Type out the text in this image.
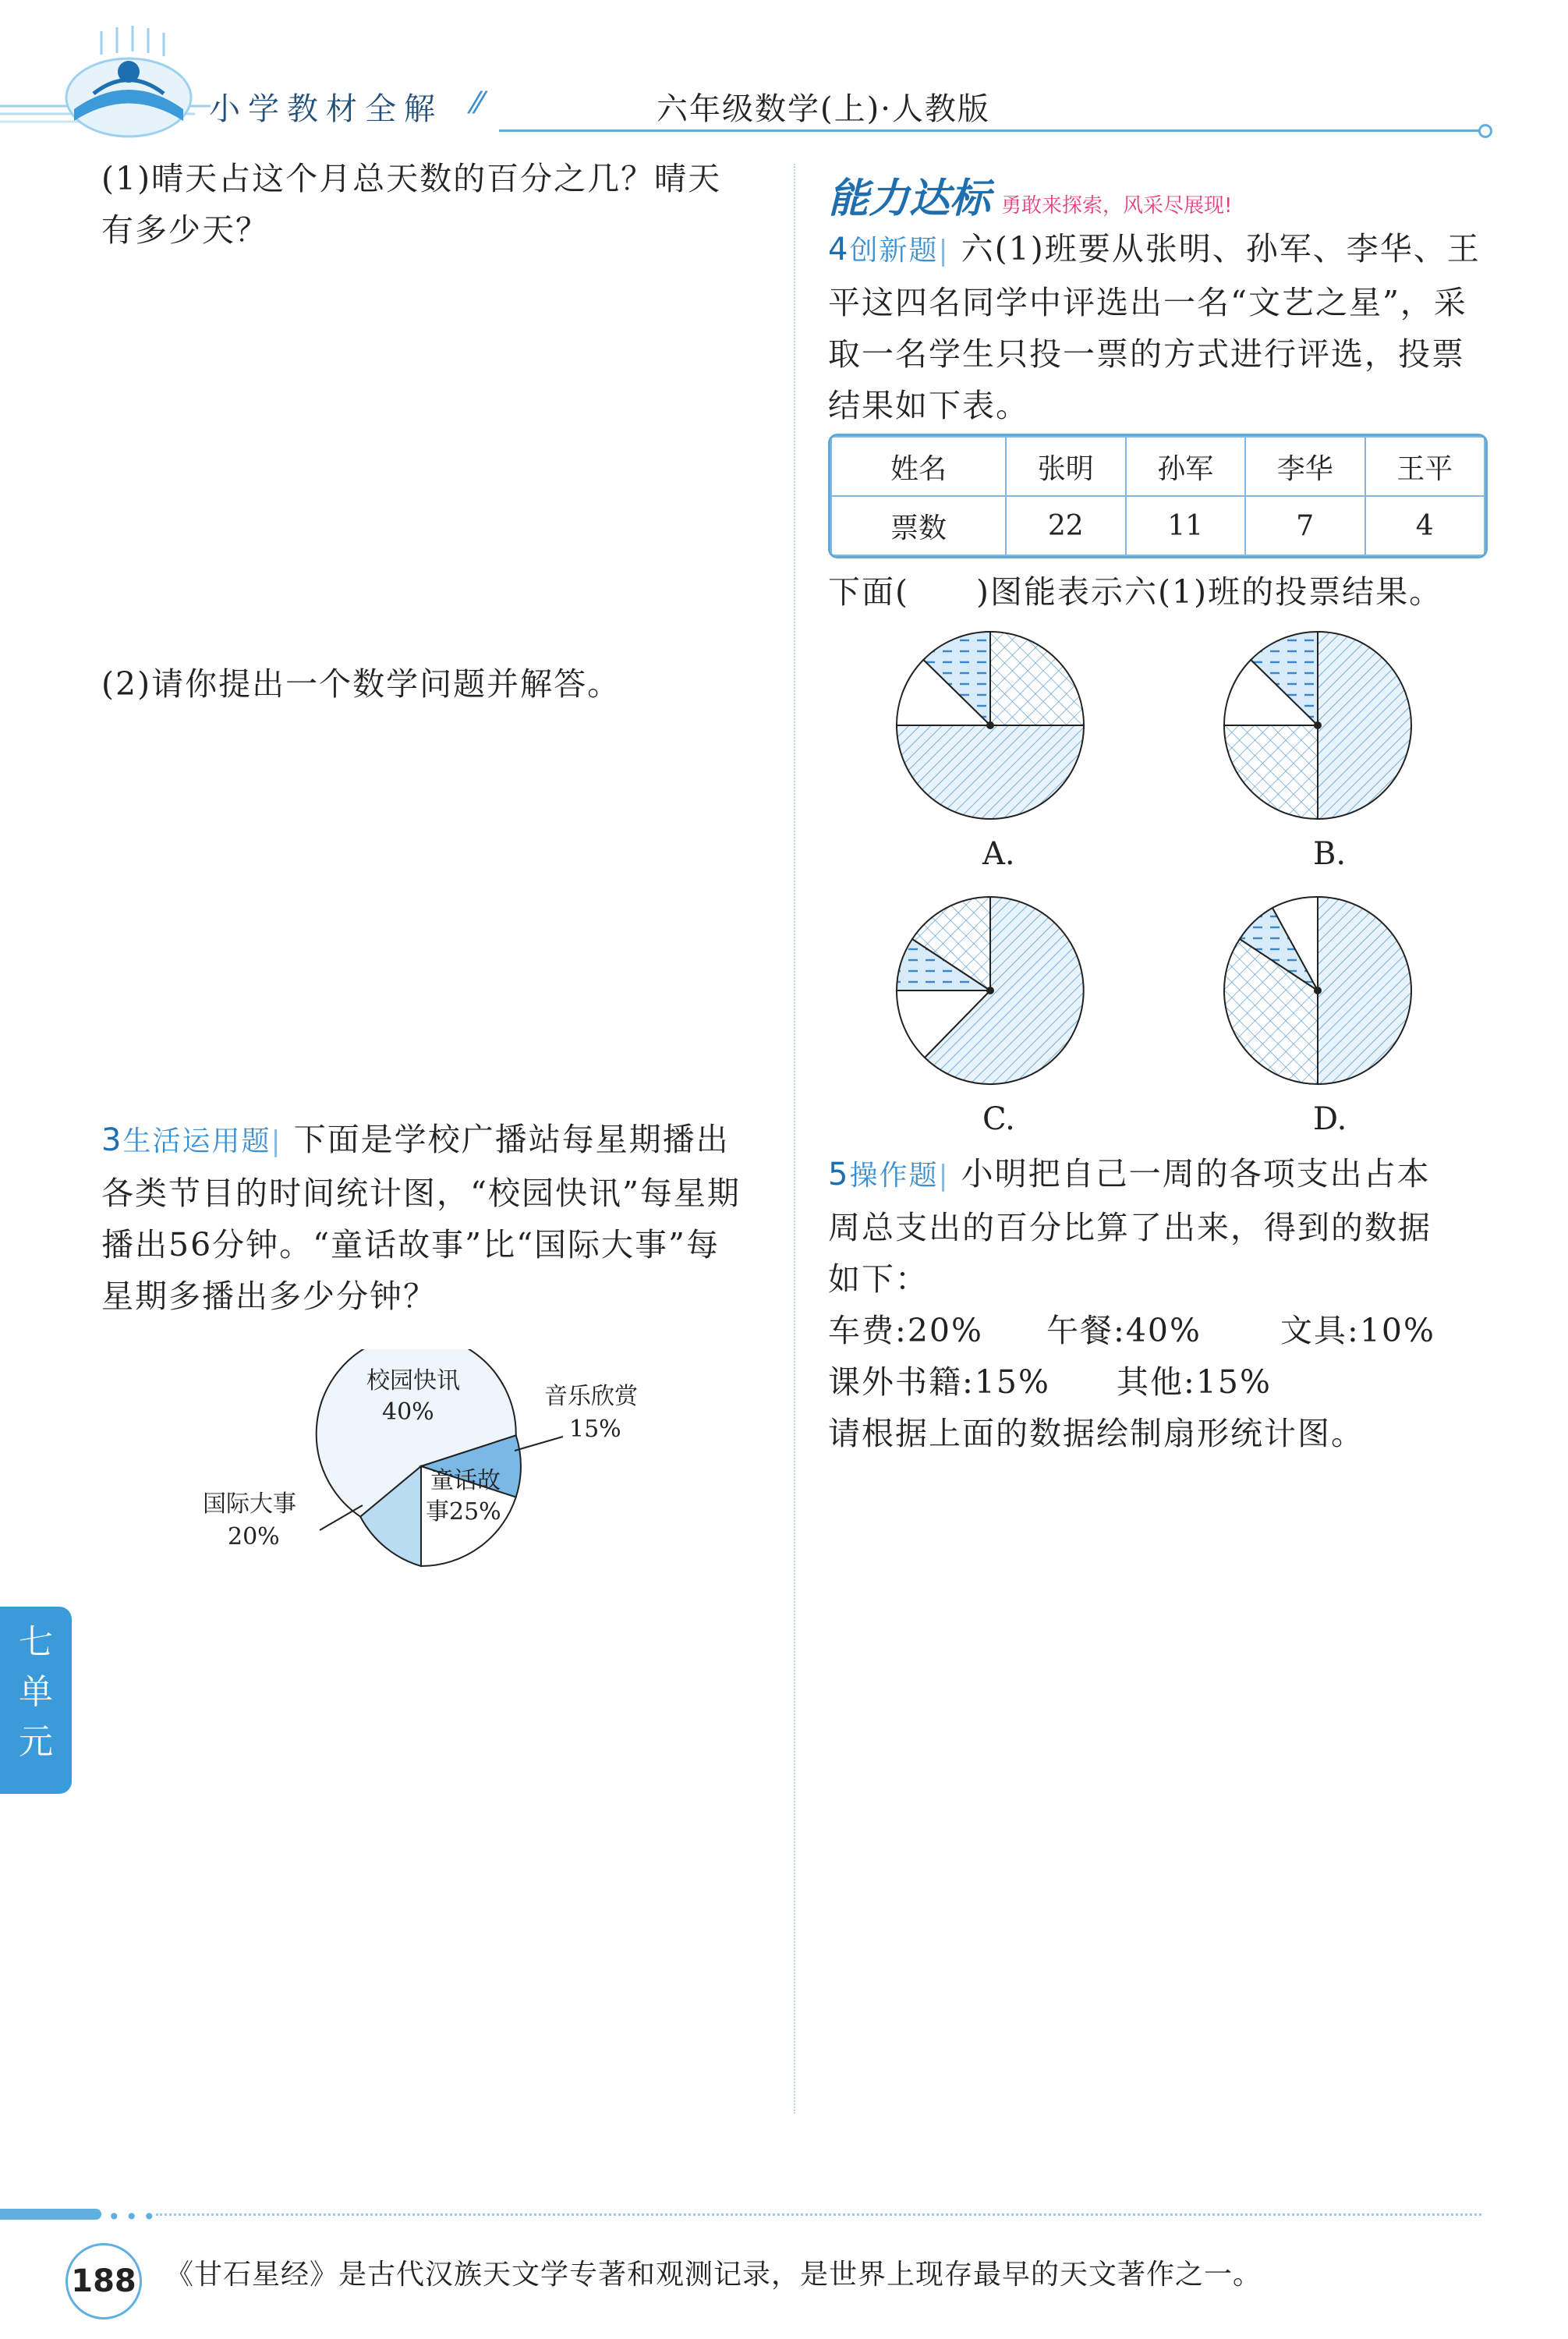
小学教材全解 ⁄⁄	六年级数学(上)·人教版
(1)晴天占这个月总天数的百分之几？晴天
有多少天？
(2)请你提出一个数学问题并解答。
3生活运用题| 下面是学校广播站每星期播出
各类节目的时间统计图，“校园快讯”每星期
播出56分钟。“童话故事”比“国际大事”每
星期多播出多少分钟？
校园快讯
40%
音乐欣赏
15%
童话故
事25%
国际大事
20%
能力达标 勇敢来探索，风采尽展现!
4创新题| 六(1)班要从张明、孙军、李华、王
平这四名同学中评选出一名“文艺之星”，采
取一名学生只投一票的方式进行评选，投票
结果如下表。
姓名	张明	孙军	李华	王平
票数	22	11	7	4
下面(　　)图能表示六(1)班的投票结果。
A.	B.
C.	D.
5操作题| 小明把自己一周的各项支出占本
周总支出的百分比算了出来，得到的数据
如下：
车费:20% 午餐:40% 文具:10%
课外书籍:15% 其他:15%
请根据上面的数据绘制扇形统计图。
七
单
元
•••
188 《甘石星经》是古代汉族天文学专著和观测记录，是世界上现存最早的天文著作之一。
